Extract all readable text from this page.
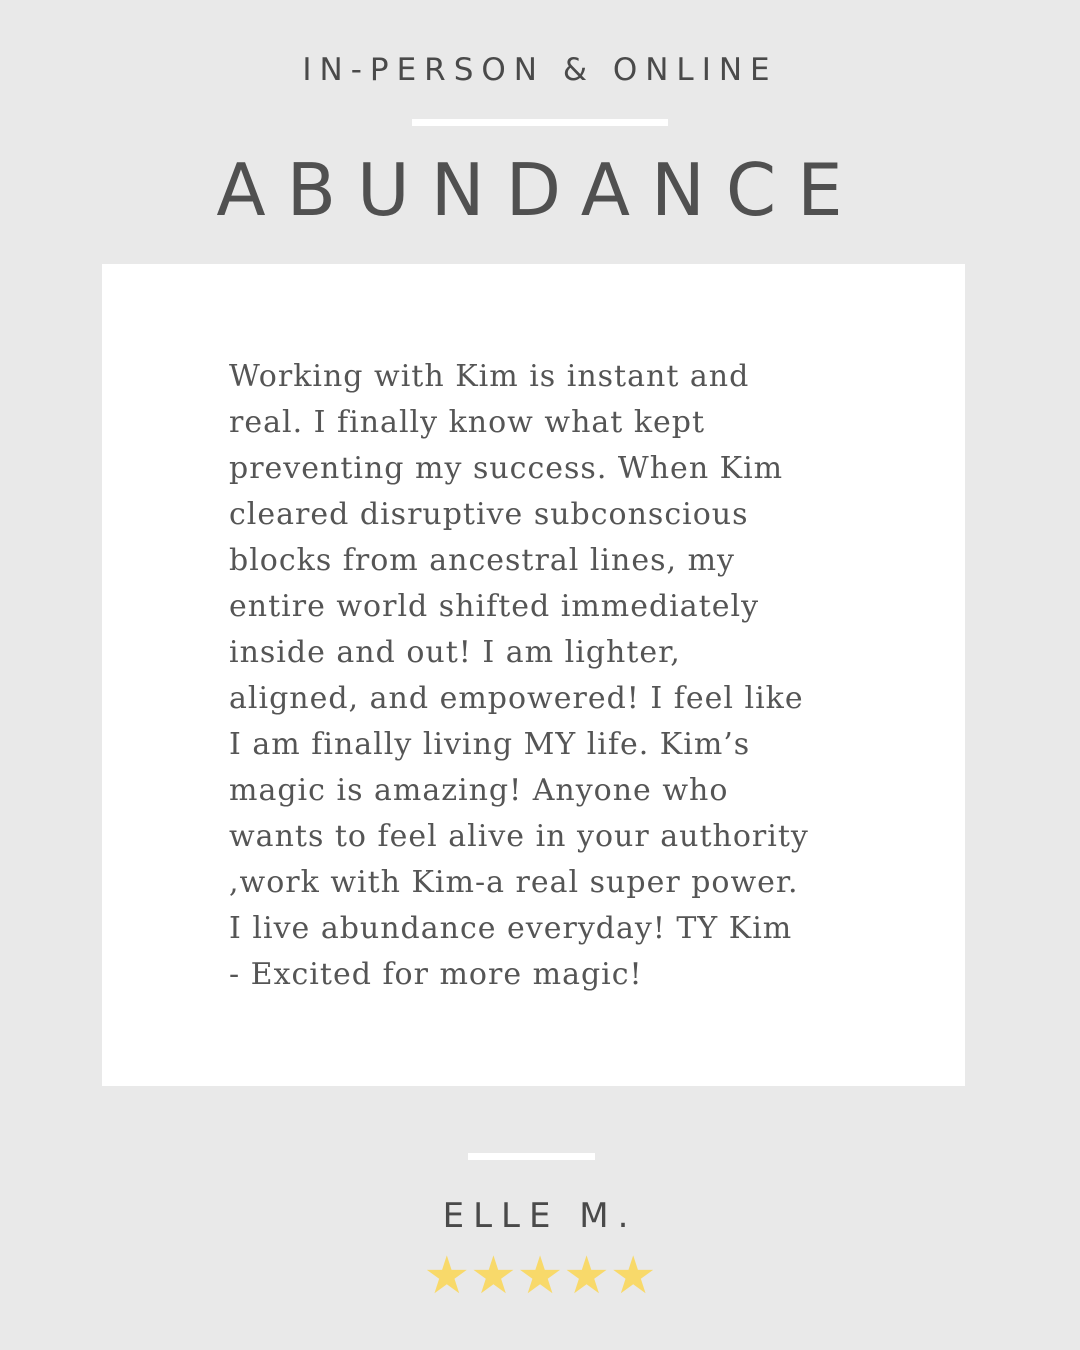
IN-PERSON & ONLINE
ABUNDANCE

Working with Kim is instant and
real. I finally know what kept
preventing my success. When Kim
cleared disruptive subconscious
blocks from ancestral lines, my
entire world shifted immediately
inside and out! I am lighter,
aligned, and empowered! I feel like
I am finally living MY life. Kim’s
magic is amazing! Anyone who
wants to feel alive in your authority
,work with Kim-a real super power.
I live abundance everyday! TY Kim
- Excited for more magic!

ELLE M.
★★★★★
